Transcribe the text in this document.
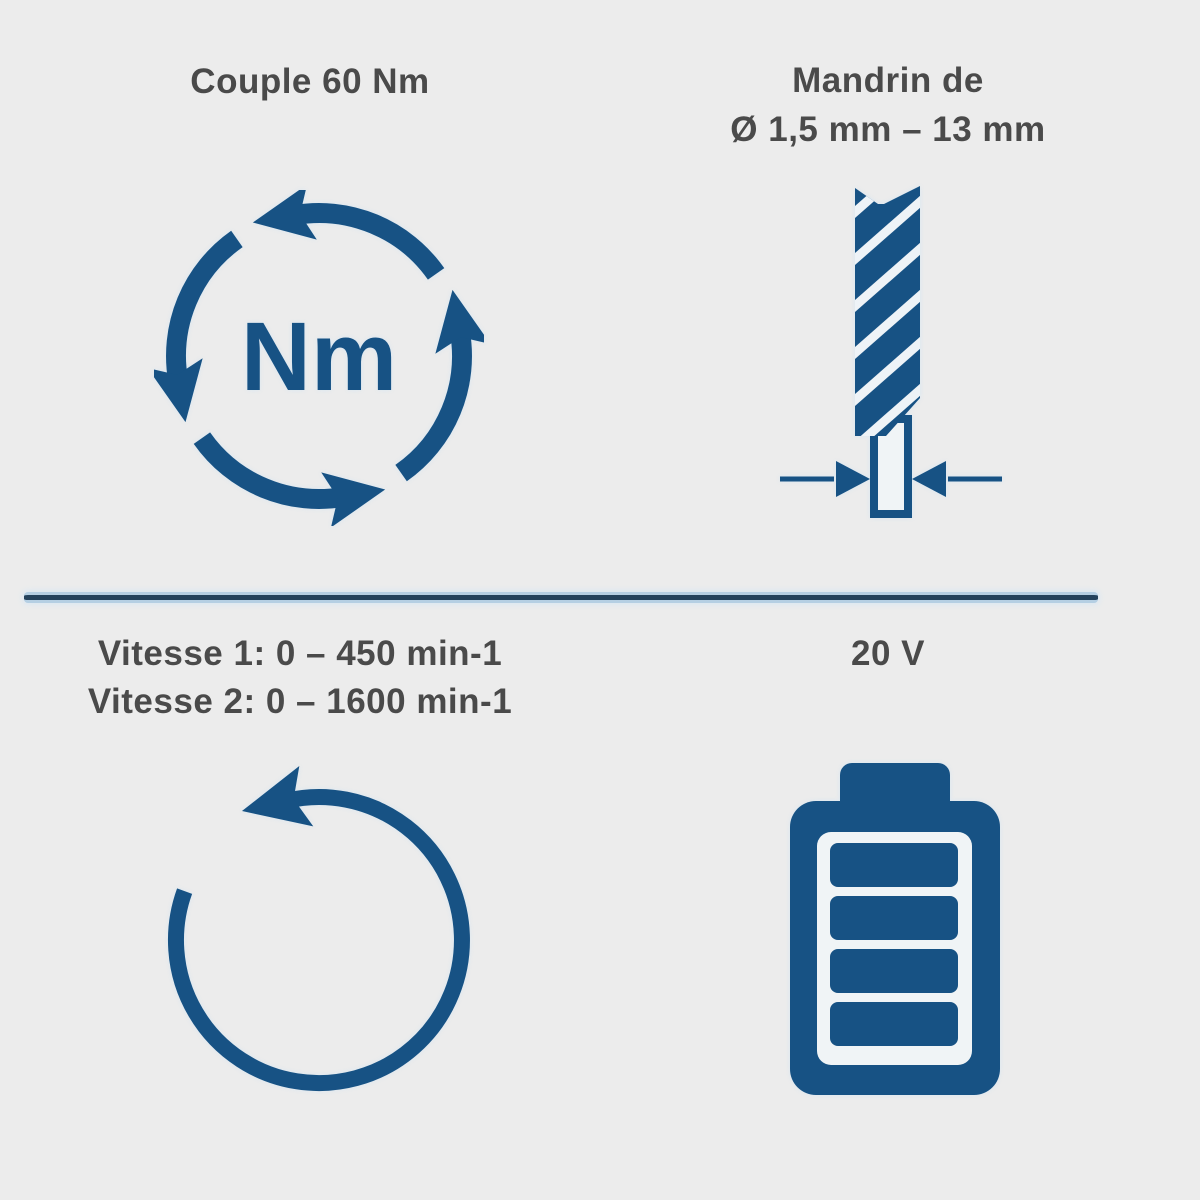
Couple 60 Nm
Nm
Mandrin de
Ø 1,5 mm – 13 mm
Vitesse 1: 0 – 450 min-1
Vitesse 2: 0 – 1600 min-1
20 V
